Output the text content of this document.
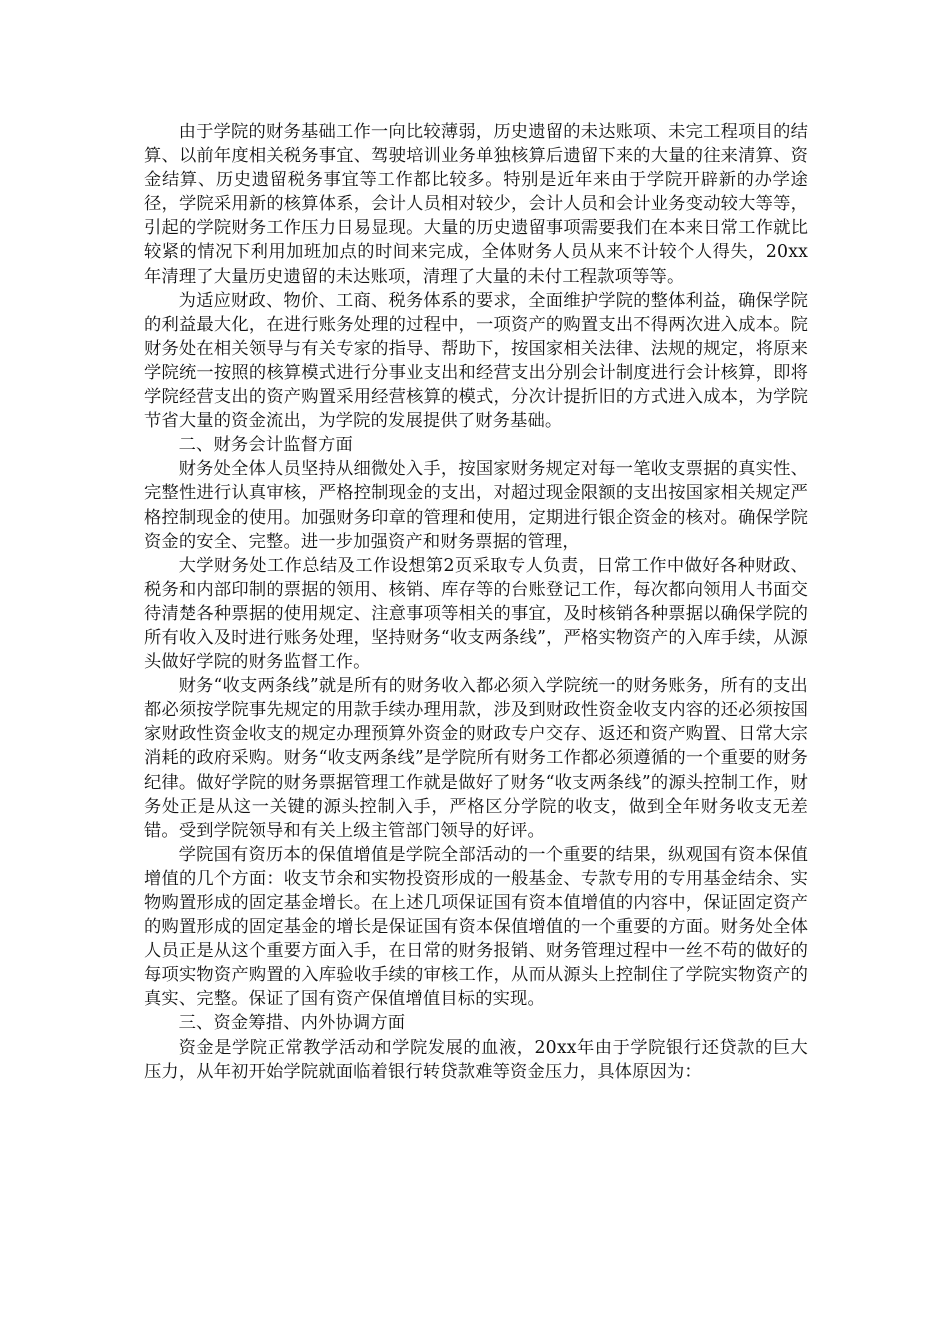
由于学院的财务基础工作一向比较薄弱，历史遗留的未达账项、未完工程项目的结算、以前年度相关税务事宜、驾驶培训业务单独核算后遗留下来的大量的往来清算、资金结算、历史遗留税务事宜等工作都比较多。特别是近年来由于学院开辟新的办学途径，学院采用新的核算体系，会计人员相对较少，会计人员和会计业务变动较大等等，引起的学院财务工作压力日易显现。大量的历史遗留事项需要我们在本来日常工作就比较紧的情况下利用加班加点的时间来完成，全体财务人员从来不计较个人得失，20xx年清理了大量历史遗留的未达账项，清理了大量的未付工程款项等等。

为适应财政、物价、工商、税务体系的要求，全面维护学院的整体利益，确保学院的利益最大化，在进行账务处理的过程中，一项资产的购置支出不得两次进入成本。院财务处在相关领导与有关专家的指导、帮助下，按国家相关法律、法规的规定，将原来学院统一按照的核算模式进行分事业支出和经营支出分别会计制度进行会计核算，即将学院经营支出的资产购置采用经营核算的模式，分次计提折旧的方式进入成本，为学院节省大量的资金流出，为学院的发展提供了财务基础。

二、财务会计监督方面

财务处全体人员坚持从细微处入手，按国家财务规定对每一笔收支票据的真实性、完整性进行认真审核，严格控制现金的支出，对超过现金限额的支出按国家相关规定严格控制现金的使用。加强财务印章的管理和使用，定期进行银企资金的核对。确保学院资金的安全、完整。进一步加强资产和财务票据的管理，

大学财务处工作总结及工作设想第2页采取专人负责，日常工作中做好各种财政、税务和内部印制的票据的领用、核销、库存等的台账登记工作，每次都向领用人书面交待清楚各种票据的使用规定、注意事项等相关的事宜，及时核销各种票据以确保学院的所有收入及时进行账务处理，坚持财务“收支两条线”，严格实物资产的入库手续，从源头做好学院的财务监督工作。

财务“收支两条线”就是所有的财务收入都必须入学院统一的财务账务，所有的支出都必须按学院事先规定的用款手续办理用款，涉及到财政性资金收支内容的还必须按国家财政性资金收支的规定办理预算外资金的财政专户交存、返还和资产购置、日常大宗消耗的政府采购。财务“收支两条线”是学院所有财务工作都必须遵循的一个重要的财务纪律。做好学院的财务票据管理工作就是做好了财务“收支两条线”的源头控制工作，财务处正是从这一关键的源头控制入手，严格区分学院的收支，做到全年财务收支无差错。受到学院领导和有关上级主管部门领导的好评。

学院国有资历本的保值增值是学院全部活动的一个重要的结果，纵观国有资本保值增值的几个方面：收支节余和实物投资形成的一般基金、专款专用的专用基金结余、实物购置形成的固定基金增长。在上述几项保证国有资本值增值的内容中，保证固定资产的购置形成的固定基金的增长是保证国有资本保值增值的一个重要的方面。财务处全体人员正是从这个重要方面入手，在日常的财务报销、财务管理过程中一丝不苟的做好的每项实物资产购置的入库验收手续的审核工作，从而从源头上控制住了学院实物资产的真实、完整。保证了国有资产保值增值目标的实现。

三、资金筹措、内外协调方面

资金是学院正常教学活动和学院发展的血液，20xx年由于学院银行还贷款的巨大压力，从年初开始学院就面临着银行转贷款难等资金压力，具体原因为：
